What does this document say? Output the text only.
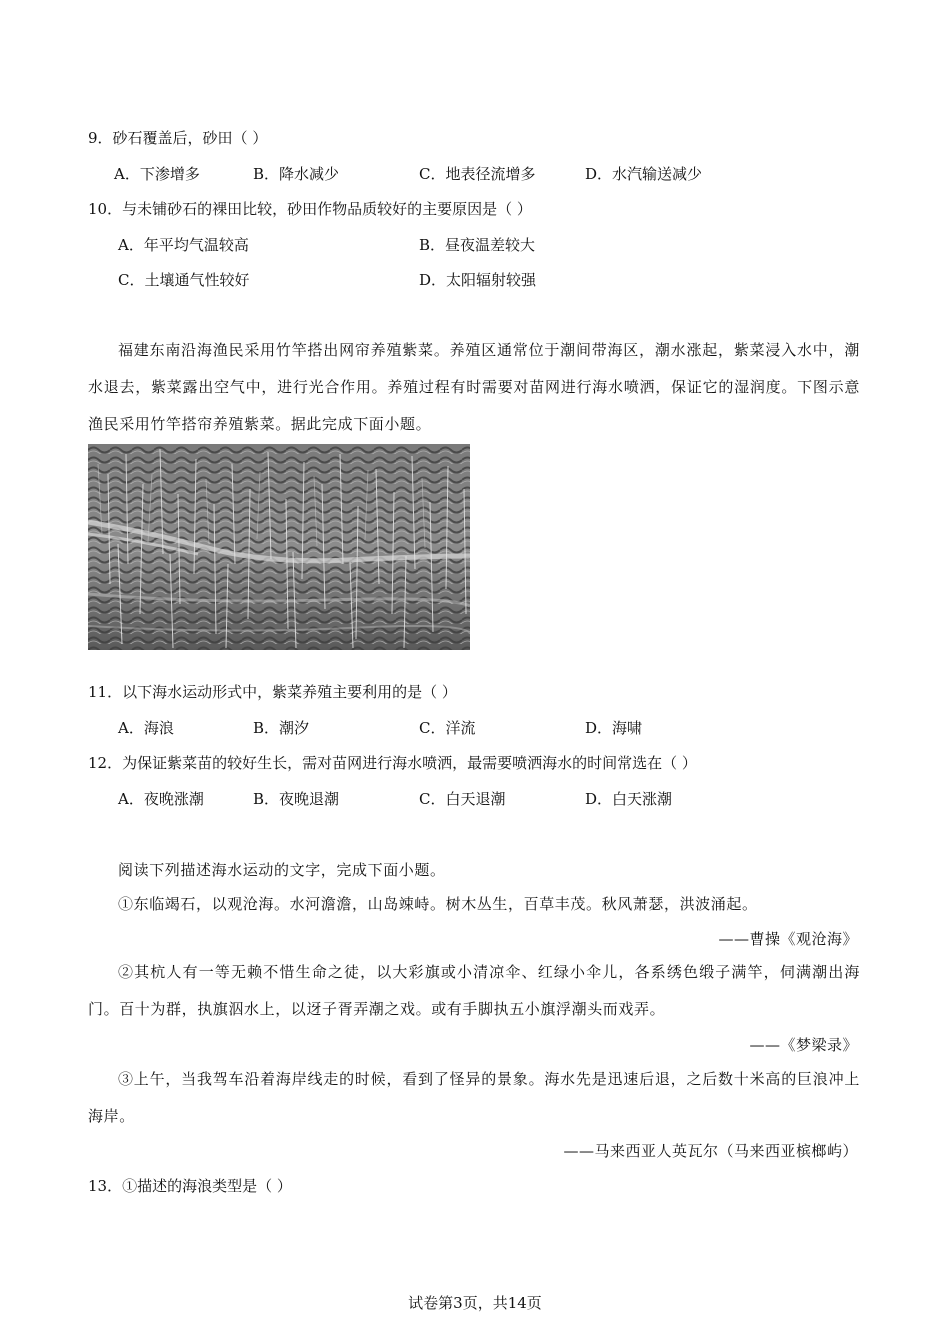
9．砂石覆盖后，砂田（ ）
A．下渗增多	B．降水减少	C．地表径流增多	D．水汽输送减少
10．与未铺砂石的裸田比较，砂田作物品质较好的主要原因是（ ）
A．年平均气温较高	B．昼夜温差较大
C．土壤通气性较好	D．太阳辐射较强
福建东南沿海渔民采用竹竿搭出网帘养殖紫菜。养殖区通常位于潮间带海区，潮水涨起，紫菜浸入水中，潮水退去，紫菜露出空气中，进行光合作用。养殖过程有时需要对苗网进行海水喷洒，保证它的湿润度。下图示意渔民采用竹竿搭帘养殖紫菜。据此完成下面小题。
11．以下海水运动形式中，紫菜养殖主要利用的是（ ）
A．海浪	B．潮汐	C．洋流	D．海啸
12．为保证紫菜苗的较好生长，需对苗网进行海水喷洒，最需要喷洒海水的时间常选在（ ）
A．夜晚涨潮	B．夜晚退潮	C．白天退潮	D．白天涨潮
阅读下列描述海水运动的文字，完成下面小题。
①东临竭石，以观沧海。水河澹澹，山岛竦峙。树木丛生，百草丰茂。秋风萧瑟，洪波涌起。
——曹操《观沧海》
②其杭人有一等无赖不惜生命之徒，以大彩旗或小清凉伞、红绿小伞儿，各系绣色缎子满竿，伺满潮出海门。百十为群，执旗泅水上，以迓子胥弄潮之戏。或有手脚执五小旗浮潮头而戏弄。
——《梦梁录》
③上午，当我驾车沿着海岸线走的时候，看到了怪异的景象。海水先是迅速后退，之后数十米高的巨浪冲上海岸。
——马来西亚人英瓦尔（马来西亚槟榔屿）
13．①描述的海浪类型是（ ）
试卷第3页，共14页
